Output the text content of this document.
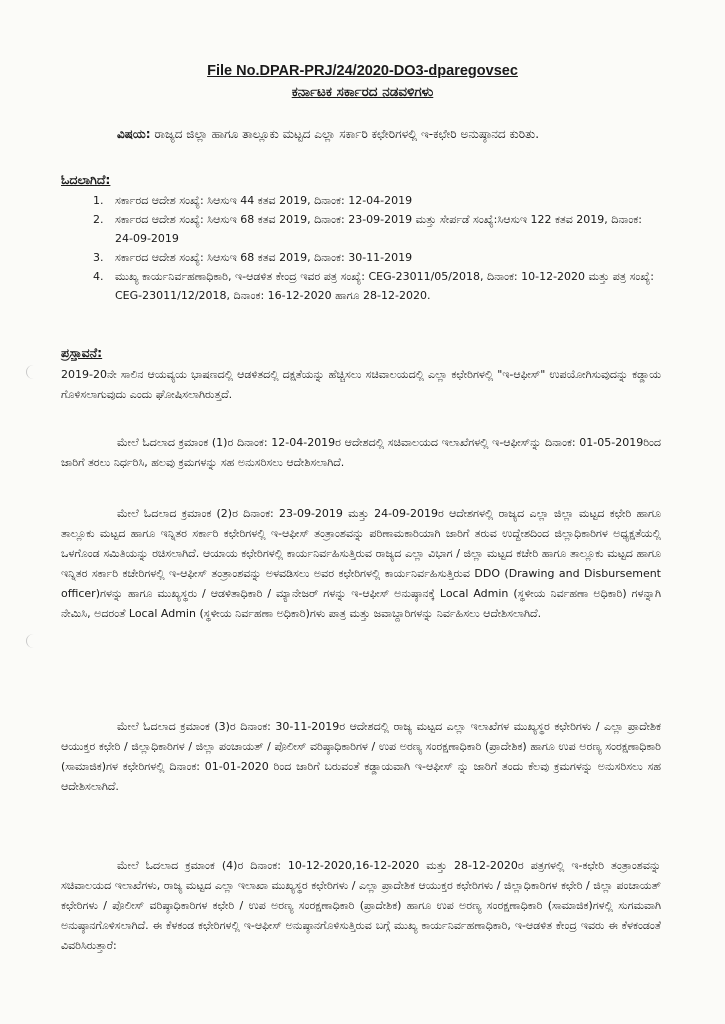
File No.DPAR-PRJ/24/2020-DO3-dparegovsec
ಕರ್ನಾಟಕ ಸರ್ಕಾರದ ನಡವಳಿಗಳು
ವಿಷಯ: ರಾಜ್ಯದ ಜಿಲ್ಲಾ ಹಾಗೂ ತಾಲ್ಲೂಕು ಮಟ್ಟದ ಎಲ್ಲಾ ಸರ್ಕಾರಿ ಕಛೇರಿಗಳಲ್ಲಿ ಇ-ಕಛೇರಿ ಅನುಷ್ಠಾನದ ಕುರಿತು.
ಓದಲಾಗಿದೆ:
1.	ಸರ್ಕಾರದ ಆದೇಶ ಸಂಖ್ಯೆ: ಸಿಆಸುಇ 44 ಕತವ 2019, ದಿನಾಂಕ: 12-04-2019
2.	ಸರ್ಕಾರದ ಆದೇಶ ಸಂಖ್ಯೆ: ಸಿಆಸುಇ 68 ಕತವ 2019, ದಿನಾಂಕ: 23-09-2019 ಮತ್ತು ಸೇರ್ಪಡೆ ಸಂಖ್ಯೆ:ಸಿಆಸುಇ 122 ಕತವ 2019, ದಿನಾಂಕ: 24-09-2019
3.	ಸರ್ಕಾರದ ಆದೇಶ ಸಂಖ್ಯೆ: ಸಿಆಸುಇ 68 ಕತವ 2019, ದಿನಾಂಕ: 30-11-2019
4.	ಮುಖ್ಯ ಕಾರ್ಯನಿರ್ವಹಣಾಧಿಕಾರಿ, ಇ-ಆಡಳಿತ ಕೇಂದ್ರ ಇವರ ಪತ್ರ ಸಂಖ್ಯೆ: CEG-23011/05/2018, ದಿನಾಂಕ: 10-12-2020 ಮತ್ತು ಪತ್ರ ಸಂಖ್ಯೆ: CEG-23011/12/2018, ದಿನಾಂಕ: 16-12-2020 ಹಾಗೂ 28-12-2020.
ಪ್ರಸ್ತಾವನೆ:

2019-20ನೇ ಸಾಲಿನ ಆಯವ್ಯಯ ಭಾಷಣದಲ್ಲಿ ಆಡಳಿತದಲ್ಲಿ ದಕ್ಷತೆಯನ್ನು ಹೆಚ್ಚಿಸಲು ಸಚಿವಾಲಯದಲ್ಲಿ ಎಲ್ಲಾ ಕಛೇರಿಗಳಲ್ಲಿ "ಇ-ಆಫೀಸ್" ಉಪಯೋಗಿಸುವುದನ್ನು ಕಡ್ಡಾಯ ಗೊಳಿಸಲಾಗುವುದು ಎಂದು ಘೋಷಿಸಲಾಗಿರುತ್ತದೆ.

ಮೇಲೆ ಓದಲಾದ ಕ್ರಮಾಂಕ (1)ರ ದಿನಾಂಕ: 12-04-2019ರ ಆದೇಶದಲ್ಲಿ ಸಚಿವಾಲಯದ ಇಲಾಖೆಗಳಲ್ಲಿ ಇ-ಆಫೀಸ್‌ನ್ನು ದಿನಾಂಕ: 01-05-2019ರಿಂದ ಜಾರಿಗೆ ತರಲು ನಿರ್ಧರಿಸಿ, ಹಲವು ಕ್ರಮಗಳನ್ನು ಸಹ ಅನುಸರಿಸಲು ಆದೇಶಿಸಲಾಗಿದೆ.

ಮೇಲೆ ಓದಲಾದ ಕ್ರಮಾಂಕ (2)ರ ದಿನಾಂಕ: 23-09-2019 ಮತ್ತು 24-09-2019ರ ಆದೇಶಗಳಲ್ಲಿ ರಾಜ್ಯದ ಎಲ್ಲಾ ಜಿಲ್ಲಾ ಮಟ್ಟದ ಕಛೇರಿ ಹಾಗೂ ತಾಲ್ಲೂಕು ಮಟ್ಟದ ಹಾಗೂ ಇನ್ನಿತರ ಸರ್ಕಾರಿ ಕಛೇರಿಗಳಲ್ಲಿ ಇ-ಆಫೀಸ್ ತಂತ್ರಾಂಶವನ್ನು ಪರಿಣಾಮಕಾರಿಯಾಗಿ ಜಾರಿಗೆ ತರುವ ಉದ್ದೇಶದಿಂದ ಜಿಲ್ಲಾಧಿಕಾರಿಗಳ ಅಧ್ಯಕ್ಷತೆಯಲ್ಲಿ ಒಳಗೊಂಡ ಸಮಿತಿಯನ್ನು ರಚಿಸಲಾಗಿದೆ. ಆಯಾಯ ಕಛೇರಿಗಳಲ್ಲಿ ಕಾರ್ಯನಿರ್ವಹಿಸುತ್ತಿರುವ ರಾಜ್ಯದ ಎಲ್ಲಾ ವಿಭಾಗ / ಜಿಲ್ಲಾ ಮಟ್ಟದ ಕಚೇರಿ ಹಾಗೂ ತಾಲ್ಲೂಕು ಮಟ್ಟದ ಹಾಗೂ ಇನ್ನಿತರ ಸರ್ಕಾರಿ ಕಚೇರಿಗಳಲ್ಲಿ ಇ-ಆಫೀಸ್ ತಂತ್ರಾಂಶವನ್ನು ಅಳವಡಿಸಲು ಅವರ ಕಛೇರಿಗಳಲ್ಲಿ ಕಾರ್ಯನಿರ್ವಹಿಸುತ್ತಿರುವ DDO (Drawing and Disbursement officer)ಗಳನ್ನು ಹಾಗೂ ಮುಖ್ಯಸ್ಥರು / ಆಡಳಿತಾಧಿಕಾರಿ / ಮ್ಯಾನೇಜರ್ ಗಳನ್ನು ಇ-ಆಫೀಸ್ ಅನುಷ್ಠಾನಕ್ಕೆ Local Admin (ಸ್ಥಳೀಯ ನಿರ್ವಹಣಾ ಅಧಿಕಾರಿ) ಗಳನ್ನಾಗಿ ನೇಮಿಸಿ, ಅದರಂತೆ Local Admin (ಸ್ಥಳೀಯ ನಿರ್ವಹಣಾ ಅಧಿಕಾರಿ)ಗಳು ಪಾತ್ರ ಮತ್ತು ಜವಾಬ್ದಾರಿಗಳನ್ನು ನಿರ್ವಹಿಸಲು ಆದೇಶಿಸಲಾಗಿದೆ.

ಮೇಲೆ ಓದಲಾದ ಕ್ರಮಾಂಕ (3)ರ ದಿನಾಂಕ: 30-11-2019ರ ಆದೇಶದಲ್ಲಿ ರಾಜ್ಯ ಮಟ್ಟದ ಎಲ್ಲಾ ಇಲಾಖೆಗಳ ಮುಖ್ಯಸ್ಥರ ಕಛೇರಿಗಳು / ಎಲ್ಲಾ ಪ್ರಾದೇಶಿಕ ಆಯುಕ್ತರ ಕಛೇರಿ / ಜಿಲ್ಲಾಧಿಕಾರಿಗಳ / ಜಿಲ್ಲಾ ಪಂಚಾಯತ್ / ಪೊಲೀಸ್ ವರಿಷ್ಠಾಧಿಕಾರಿಗಳ / ಉಪ ಅರಣ್ಯ ಸಂರಕ್ಷಣಾಧಿಕಾರಿ (ಪ್ರಾದೇಶಿಕ) ಹಾಗೂ ಉಪ ಅರಣ್ಯ ಸಂರಕ್ಷಣಾಧಿಕಾರಿ (ಸಾಮಾಜಿಕ)ಗಳ ಕಛೇರಿಗಳಲ್ಲಿ ದಿನಾಂಕ: 01-01-2020 ರಿಂದ ಜಾರಿಗೆ ಬರುವಂತೆ ಕಡ್ಡಾಯವಾಗಿ ಇ-ಆಫೀಸ್ ನ್ನು ಜಾರಿಗೆ ತಂದು ಕೆಲವು ಕ್ರಮಗಳನ್ನು ಅನುಸರಿಸಲು ಸಹ ಆದೇಶಿಸಲಾಗಿದೆ.

ಮೇಲೆ ಓದಲಾದ ಕ್ರಮಾಂಕ (4)ರ ದಿನಾಂಕ: 10-12-2020,16-12-2020 ಮತ್ತು 28-12-2020ರ ಪತ್ರಗಳಲ್ಲಿ ಇ-ಕಛೇರಿ ತಂತ್ರಾಂಶವನ್ನು ಸಚಿವಾಲಯದ ಇಲಾಖೆಗಳು, ರಾಜ್ಯ ಮಟ್ಟದ ಎಲ್ಲಾ ಇಲಾಖಾ ಮುಖ್ಯಸ್ಥರ ಕಛೇರಿಗಳು / ಎಲ್ಲಾ ಪ್ರಾದೇಶಿಕ ಆಯುಕ್ತರ ಕಛೇರಿಗಳು / ಜಿಲ್ಲಾಧಿಕಾರಿಗಳ ಕಛೇರಿ / ಜಿಲ್ಲಾ ಪಂಚಾಯತ್ ಕಛೇರಿಗಳು / ಪೊಲೀಸ್ ವರಿಷ್ಠಾಧಿಕಾರಿಗಳ ಕಛೇರಿ / ಉಪ ಅರಣ್ಯ ಸಂರಕ್ಷಣಾಧಿಕಾರಿ (ಪ್ರಾದೇಶಿಕ) ಹಾಗೂ ಉಪ ಅರಣ್ಯ ಸಂರಕ್ಷಣಾಧಿಕಾರಿ (ಸಾಮಾಜಿಕ)ಗಳಲ್ಲಿ ಸುಗಮವಾಗಿ ಅನುಷ್ಠಾನಗೊಳಿಸಲಾಗಿದೆ. ಈ ಕೆಳಕಂಡ ಕಛೇರಿಗಳಲ್ಲಿ ಇ-ಆಫೀಸ್ ಅನುಷ್ಠಾನಗೊಳಿಸುತ್ತಿರುವ ಬಗ್ಗೆ ಮುಖ್ಯ ಕಾರ್ಯನಿರ್ವಹಣಾಧಿಕಾರಿ, ಇ-ಆಡಳಿತ ಕೇಂದ್ರ ಇವರು ಈ ಕೆಳಕಂಡಂತೆ ವಿವರಿಸಿರುತ್ತಾರೆ:
